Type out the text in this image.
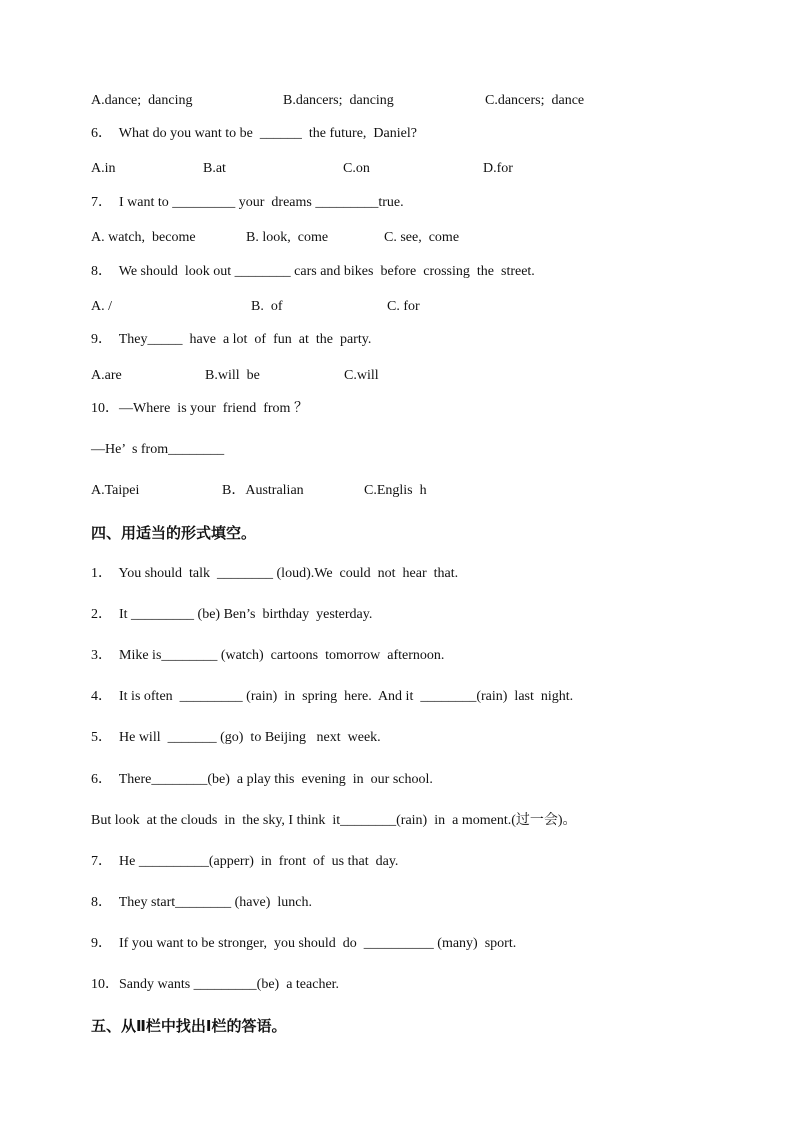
A.dance;  dancing	B.dancers;  dancing	C.dancers;  dance
6．  What do you want to be  ______  the future,  Daniel?
A.in	B.at	C.on	D.for
7．  I want to _________ your  dreams _________true.
A. watch,  become	B. look,  come	C. see,  come
8．  We should  look out ________ cars and bikes  before  crossing  the  street.
A. /	B.  of	C. for
9．  They_____  have  a lot  of  fun  at  the  party.
A.are	B.will  be	C.will
10．—Where  is your  friend  from ？
—He’  s from________
A.Taipei	B．Australian	C.Englis  h
四、用适当的形式填空。
1．  You should  talk  ________ (loud).We  could  not  hear  that.
2．  It _________ (be) Ben’s  birthday  yesterday.
3．  Mike is________ (watch)  cartoons  tomorrow  afternoon.
4．  It is often  _________ (rain)  in  spring  here.  And it  ________(rain)  last  night.
5．  He will  _______ (go)  to Beijing   next  week.
6．  There________(be)  a play this  evening  in  our school.
But look  at the clouds  in  the sky, I think  it________(rain)  in  a moment.(过一会)。
7．  He __________(apperr)  in  front  of  us that  day.
8．  They start________ (have)  lunch.
9．  If you want to be stronger,  you should  do  __________ (many)  sport.
10．Sandy wants _________(be)  a teacher.
五、从Ⅱ栏中找出Ⅰ栏的答语。
